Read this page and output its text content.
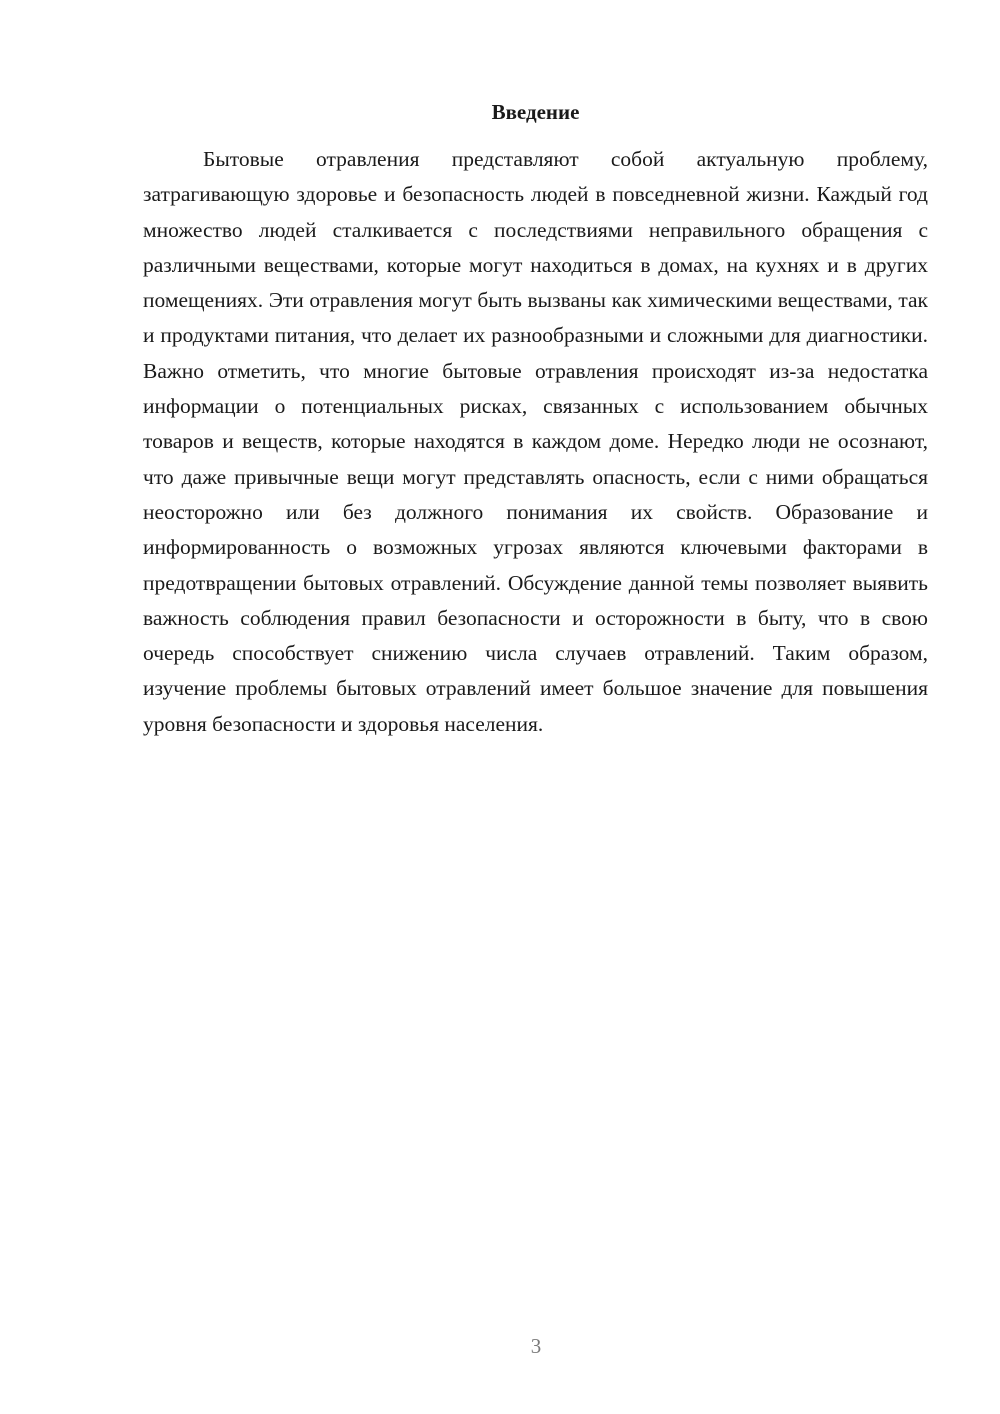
Введение

Бытовые отравления представляют собой актуальную проблему, затрагивающую здоровье и безопасность людей в повседневной жизни. Каждый год множество людей сталкивается с последствиями неправильного обращения с различными веществами, которые могут находиться в домах, на кухнях и в других помещениях. Эти отравления могут быть вызваны как химическими веществами, так и продуктами питания, что делает их разнообразными и сложными для диагностики. Важно отметить, что многие бытовые отравления происходят из-за недостатка информации о потенциальных рисках, связанных с использованием обычных товаров и веществ, которые находятся в каждом доме. Нередко люди не осознают, что даже привычные вещи могут представлять опасность, если с ними обращаться неосторожно или без должного понимания их свойств. Образование и информированность о возможных угрозах являются ключевыми факторами в предотвращении бытовых отравлений. Обсуждение данной темы позволяет выявить важность соблюдения правил безопасности и осторожности в быту, что в свою очередь способствует снижению числа случаев отравлений. Таким образом, изучение проблемы бытовых отравлений имеет большое значение для повышения уровня безопасности и здоровья населения.

3
